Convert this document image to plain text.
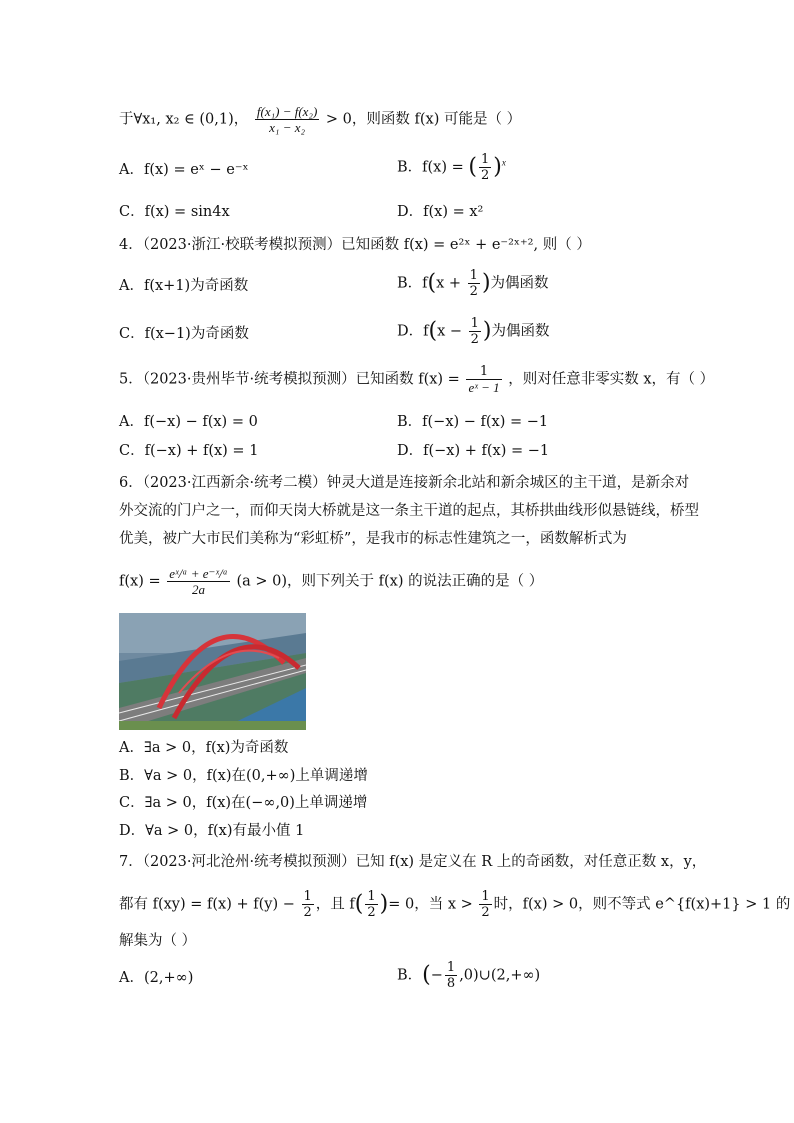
于∀x₁, x₂ ∈ (0,1)， $\frac{\text{f(x₁) − f(x₂)}}{\text{x₁ − x₂}} > 0$，则函数 f(x) 可能是（ ）
A．f(x) = eˣ − e⁻ˣ	B．f(x) = ( $\frac{1}{2} )^x$
C．f(x) = sin4x	D．f(x) = x²
4．（2023·浙江·校联考模拟预测）已知函数 f(x) = e²ˣ + e⁻²ˣ⁺², 则（ ）
A．f(x+1)为奇函数	B．$f(x + \frac{1}{2}$ )为偶函数
C．f(x−1)为奇函数	D．$f(x - \frac{1}{2}$ )为偶函数
5．（2023·贵州毕节·统考模拟预测）已知函数 $f(x) = \frac{1}{\text{eˣ − 1}}$ ，则对任意非零实数 x，有（ ）
A．f(−x) − f(x) = 0	B．f(−x) − f(x) = −1
C．f(−x) + f(x) = 1	D．f(−x) + f(x) = −1
6．（2023·江西新余·统考二模）钟灵大道是连接新余北站和新余城区的主干道，是新余对
外交流的门户之一，而仰天岗大桥就是这一条主干道的起点，其桥拱曲线形似悬链线，桥型
优美，被广大市民们美称为“彩虹桥”，是我市的标志性建筑之一，函数解析式为
$f(x) = \frac{\text{eˣ/ᵃ + e⁻ˣ/ᵃ}}{2a} (a > 0)$，则下列关于 f(x) 的说法正确的是（ ）
A．∃a > 0，f(x)为奇函数
B．∀a > 0，f(x)在(0,+∞)上单调递增
C．∃a > 0，f(x)在(−∞,0)上单调递增
D．∀a > 0，f(x)有最小值 1
7．（2023·河北沧州·统考模拟预测）已知 f(x) 是定义在 R 上的奇函数，对任意正数 x，y，
都有 $f(xy) = f(x) + f(y) - \frac{1}{2}$ ，且 $f( \frac{1}{2}$ )= 0，当 $x > \frac{1}{2}$ 时，f(x) > 0，则不等式 e^{f(x)+1} > 1 的
解集为（ ）
A．(2,+∞)	B．(− $\frac{1}{8}$ ,0)∪(2,+∞)
